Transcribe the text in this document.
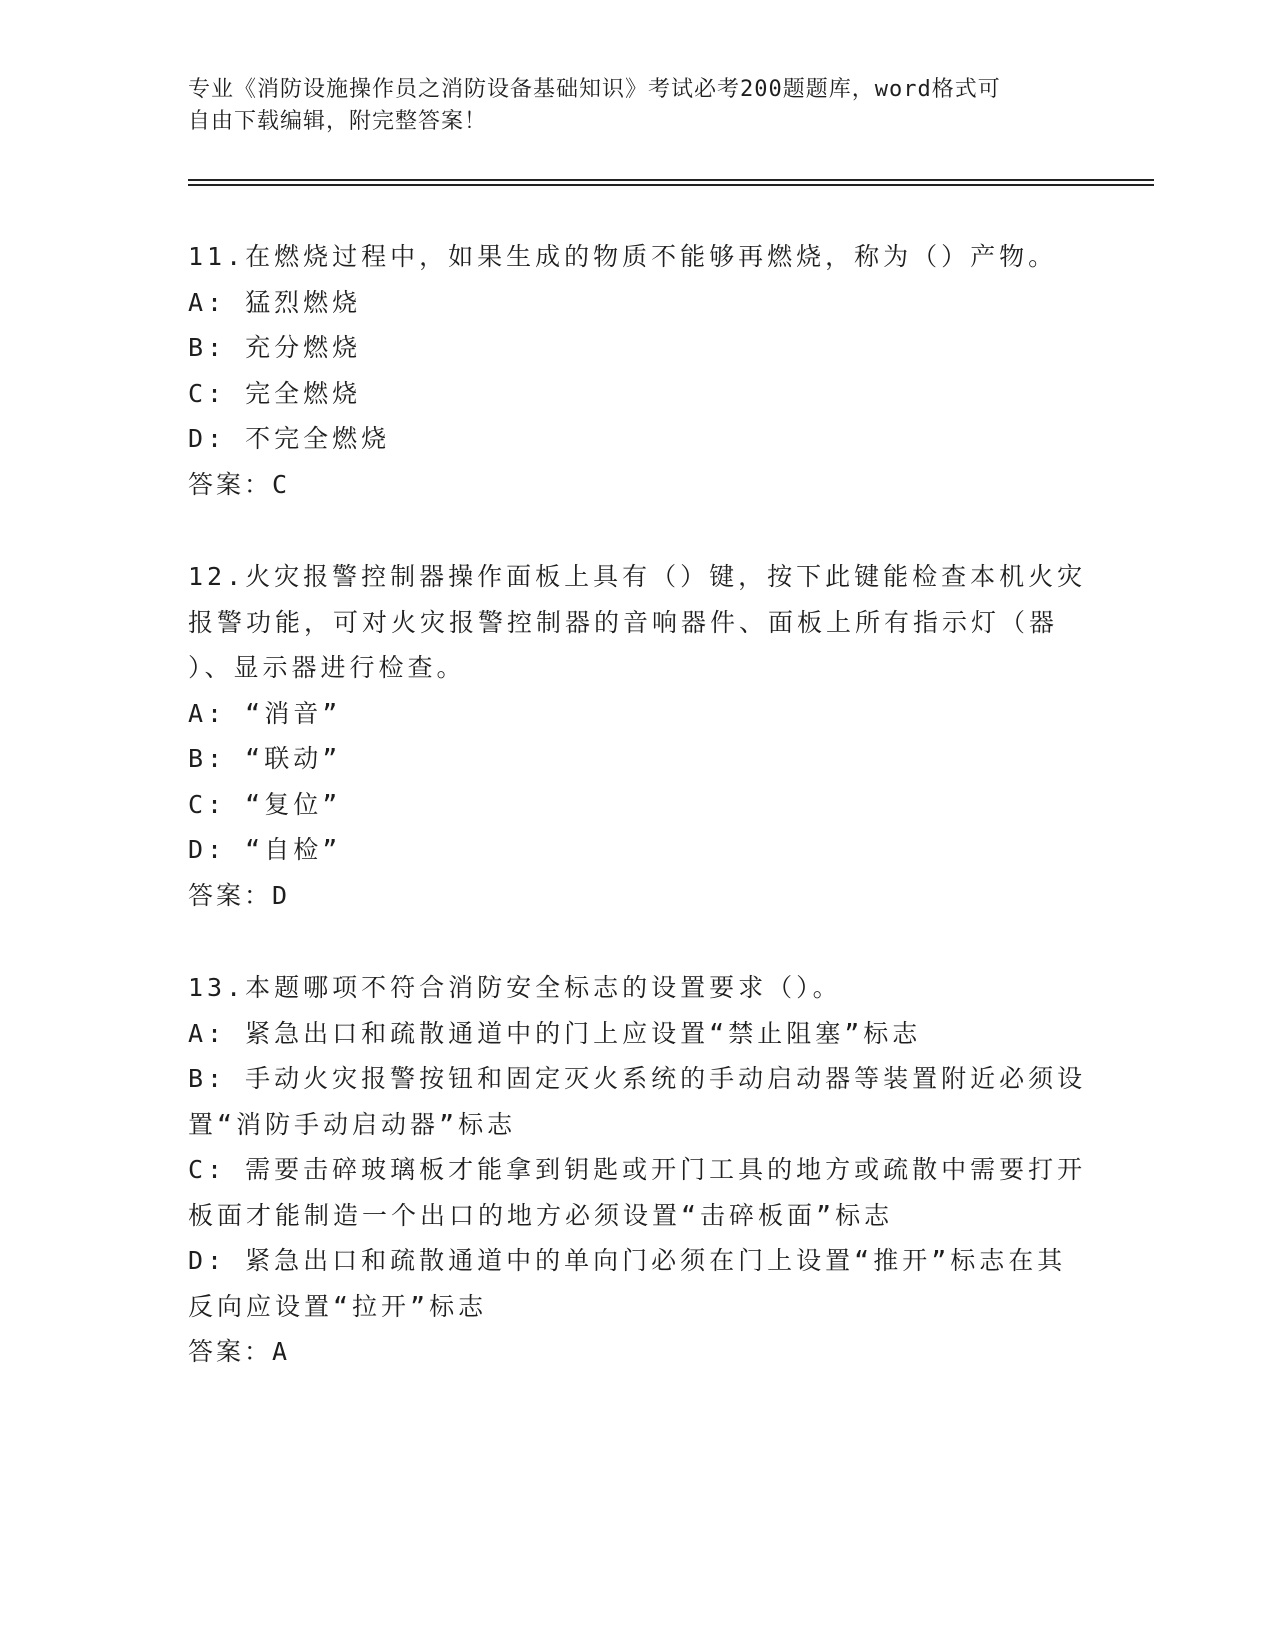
专业《消防设施操作员之消防设备基础知识》考试必考200题题库，word格式可
自由下载编辑，附完整答案！
11.在燃烧过程中，如果生成的物质不能够再燃烧，称为（）产物。
A: 猛烈燃烧
B: 充分燃烧
C: 完全燃烧
D: 不完全燃烧
答案：C
12.火灾报警控制器操作面板上具有（）键，按下此键能检查本机火灾
报警功能，可对火灾报警控制器的音响器件、面板上所有指示灯（器
）、显示器进行检查。
A: “消音”
B: “联动”
C: “复位”
D: “自检”
答案：D
13.本题哪项不符合消防安全标志的设置要求（）。
A: 紧急出口和疏散通道中的门上应设置“禁止阻塞”标志
B: 手动火灾报警按钮和固定灭火系统的手动启动器等装置附近必须设
置“消防手动启动器”标志
C: 需要击碎玻璃板才能拿到钥匙或开门工具的地方或疏散中需要打开
板面才能制造一个出口的地方必须设置“击碎板面”标志
D: 紧急出口和疏散通道中的单向门必须在门上设置“推开”标志在其
反向应设置“拉开”标志
答案：A
